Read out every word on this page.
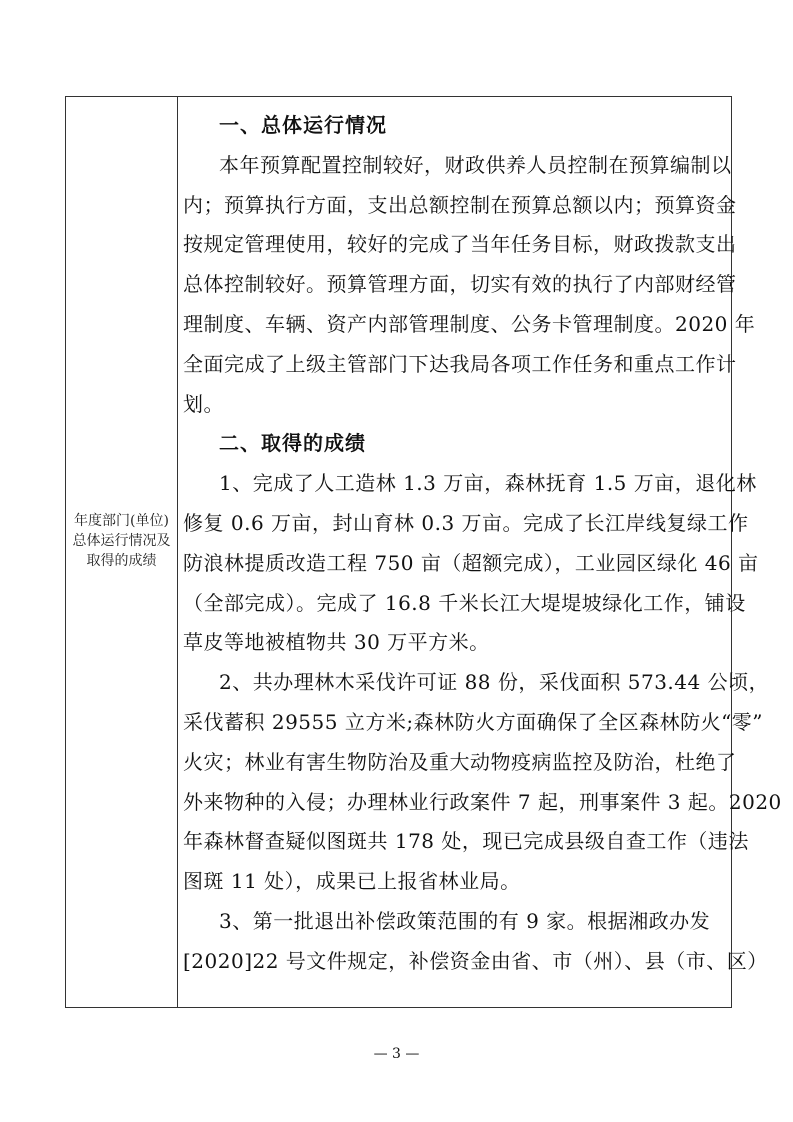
年度部门(单位)
总体运行情况及
取得的成绩
一、总体运行情况
本年预算配置控制较好，财政供养人员控制在预算编制以
内；预算执行方面，支出总额控制在预算总额以内；预算资金
按规定管理使用，较好的完成了当年任务目标，财政拨款支出
总体控制较好。预算管理方面，切实有效的执行了内部财经管
理制度、车辆、资产内部管理制度、公务卡管理制度。2020 年
全面完成了上级主管部门下达我局各项工作任务和重点工作计
划。
二、取得的成绩
1、完成了人工造林 1.3 万亩，森林抚育 1.5 万亩，退化林
修复 0.6 万亩，封山育林 0.3 万亩。完成了长江岸线复绿工作
防浪林提质改造工程 750 亩（超额完成），工业园区绿化 46 亩
（全部完成）。完成了 16.8 千米长江大堤堤坡绿化工作，铺设
草皮等地被植物共 30 万平方米。
2、共办理林木采伐许可证 88 份，采伐面积 573.44 公顷，
采伐蓄积 29555 立方米;森林防火方面确保了全区森林防火“零”
火灾；林业有害生物防治及重大动物疫病监控及防治，杜绝了
外来物种的入侵；办理林业行政案件 7 起，刑事案件 3 起。2020
年森林督查疑似图斑共 178 处，现已完成县级自查工作（违法
图斑 11 处），成果已上报省林业局。
3、第一批退出补偿政策范围的有 9 家。根据湘政办发
[2020]22 号文件规定，补偿资金由省、市（州）、县（市、区）
— 3 —
